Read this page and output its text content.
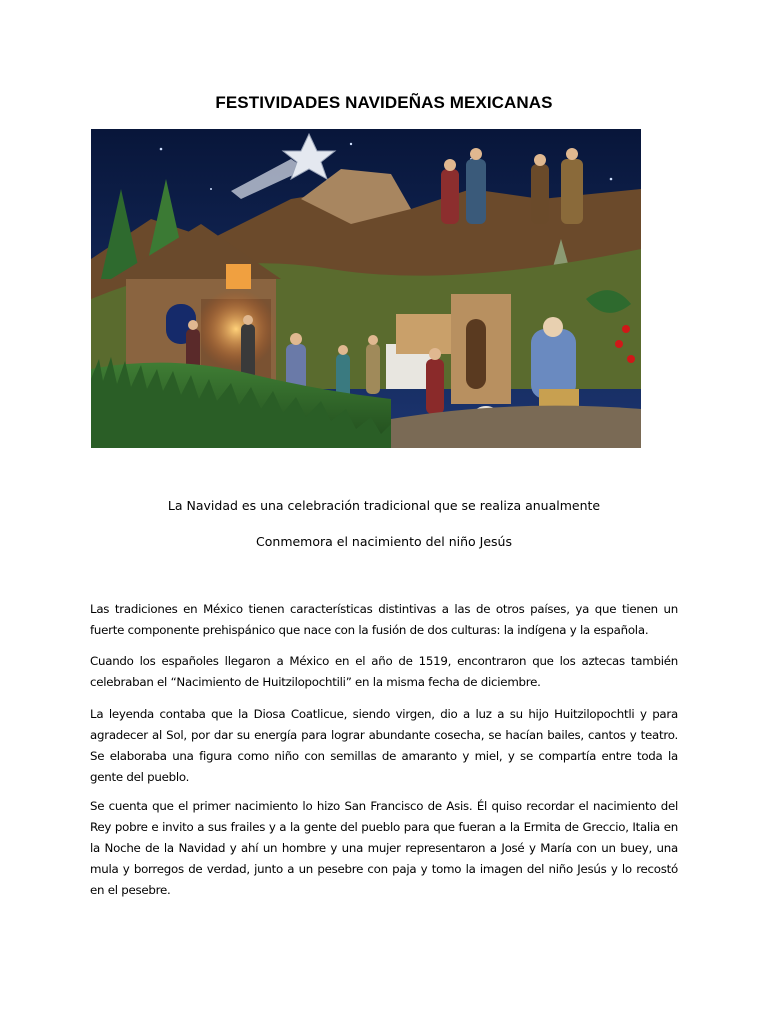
FESTIVIDADES NAVIDEÑAS MEXICANAS
La Navidad es una celebración tradicional que se realiza anualmente
Conmemora el nacimiento del niño Jesús

Las tradiciones en México tienen características distintivas a las de otros países, ya que tienen un fuerte componente prehispánico que nace con la fusión de dos culturas: la indígena y la española.

Cuando los españoles llegaron a México en el año de 1519, encontraron que los aztecas también celebraban el “Nacimiento de Huitzilopochtili” en la misma fecha de diciembre.

La leyenda contaba que la Diosa Coatlicue, siendo virgen, dio a luz a su hijo Huitzilopochtli y para agradecer al Sol, por dar su energía para lograr abundante cosecha, se hacían bailes, cantos y teatro. Se elaboraba una figura como niño con semillas de amaranto y miel, y se compartía entre toda la gente del pueblo.

Se cuenta que el primer nacimiento lo hizo San Francisco de Asis. Él quiso recordar el nacimiento del Rey pobre e invito a sus frailes y a la gente del pueblo para que fueran a la Ermita de Greccio, Italia en la Noche de la Navidad y ahí un hombre y una mujer representaron a José y María con un buey, una mula y borregos de verdad, junto a un pesebre con paja y tomo la imagen del niño Jesús y lo recostó en el pesebre.
